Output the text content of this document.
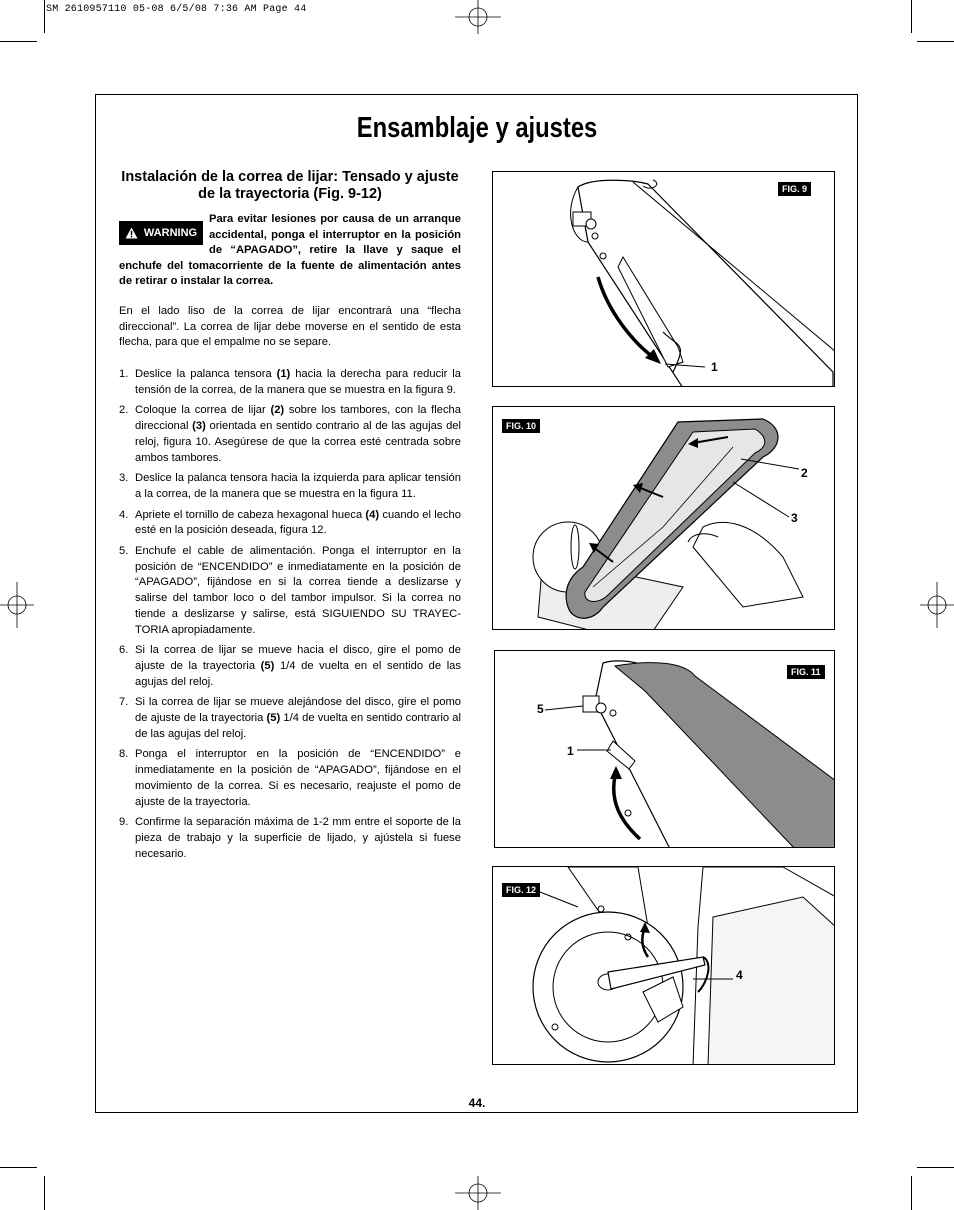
SM 2610957110 05-08 6/5/08 7:36 AM Page 44
Ensamblaje y ajustes
Instalación de la correa de lijar: Tensado y ajuste de la trayectoria (Fig. 9-12)
Para evitar lesiones por causa de un arranque
accidental, ponga el interruptor en la posición
de “APAGADO”, retire la llave y saque el
enchufe del tomacorriente de la fuente de alimentación antes
de retirar o instalar la correa.
WARNING
En el lado liso de la correa de lijar encontrará una “flecha direccional”. La correa de lijar debe moverse en el sentido de esta flecha, para que el empalme no se separe.
1. Deslice la palanca tensora (1) hacia la derecha para reducir la tensión de la correa, de la manera que se muestra en la figura 9.
2. Coloque la correa de lijar (2) sobre los tambores, con la flecha direccional (3) orientada en sentido contrario al de las agujas del reloj, figura 10. Asegúrese de que la correa esté centrada sobre ambos tambores.
3. Deslice la palanca tensora hacia la izquierda para aplicar tensión a la correa, de la manera que se muestra en la figura 11.
4. Apriete el tornillo de cabeza hexagonal hueca (4) cuando el lecho esté en la posición deseada, figura 12.
5. Enchufe el cable de alimentación. Ponga el interruptor en la posición de “ENCENDIDO” e inmediatamente en la posición de “APAGADO”, fijándose en si la correa tiende a deslizarse y salirse del tambor loco o del tambor impulsor. Si la correa no tiende a deslizarse y salirse, está SIGUIENDO SU TRAYEC-TORIA apropiadamente.
6. Si la correa de lijar se mueve hacia el disco, gire el pomo de ajuste de la trayectoria (5) 1/4 de vuelta en el sentido de las agujas del reloj.
7. Si la correa de lijar se mueve alejándose del disco, gire el pomo de ajuste de la trayectoria (5) 1/4 de vuelta en sentido contrario al de las agujas del reloj.
8. Ponga el interruptor en la posición de “ENCENDIDO” e inmediatamente en la posición de “APAGADO”, fijándose en el movimiento de la correa. Si es necesario, reajuste el pomo de ajuste de la trayectoria.
9. Confirme la separación máxima de 1-2 mm entre el soporte de la pieza de trabajo y la superficie de lijado, y ajústela si fuese necesario.
FIG. 9
1
FIG. 10
2
3
FIG. 11
5
1
FIG. 12
4
44.
